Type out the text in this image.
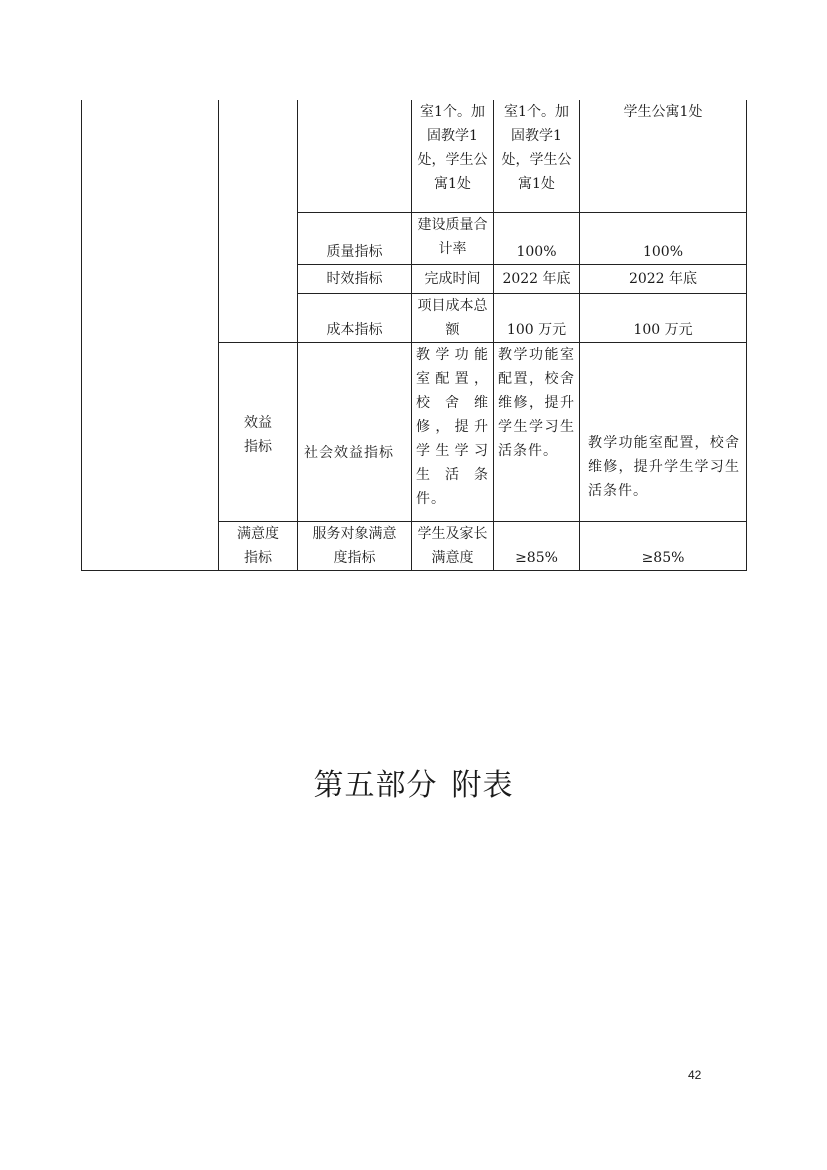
			室1个。加固教学1处，学生公寓1处	室1个。加固教学1处，学生公寓1处	学生公寓1处

		质量指标	建设质量合计率	100%	100%
		时效指标	完成时间	2022 年底	2022 年底
		成本指标	项目成本总额	100 万元	100 万元

	效益指标	社会效益指标	教学功能室配置，校舍维修，提升学生学习生活条件。	教学功能室配置，校舍维修，提升学生学习生活条件。	教学功能室配置，校舍维修，提升学生学习生活条件。

	满意度指标	服务对象满意度指标	学生及家长满意度	≥85%	≥85%
第五部分 附表
42
